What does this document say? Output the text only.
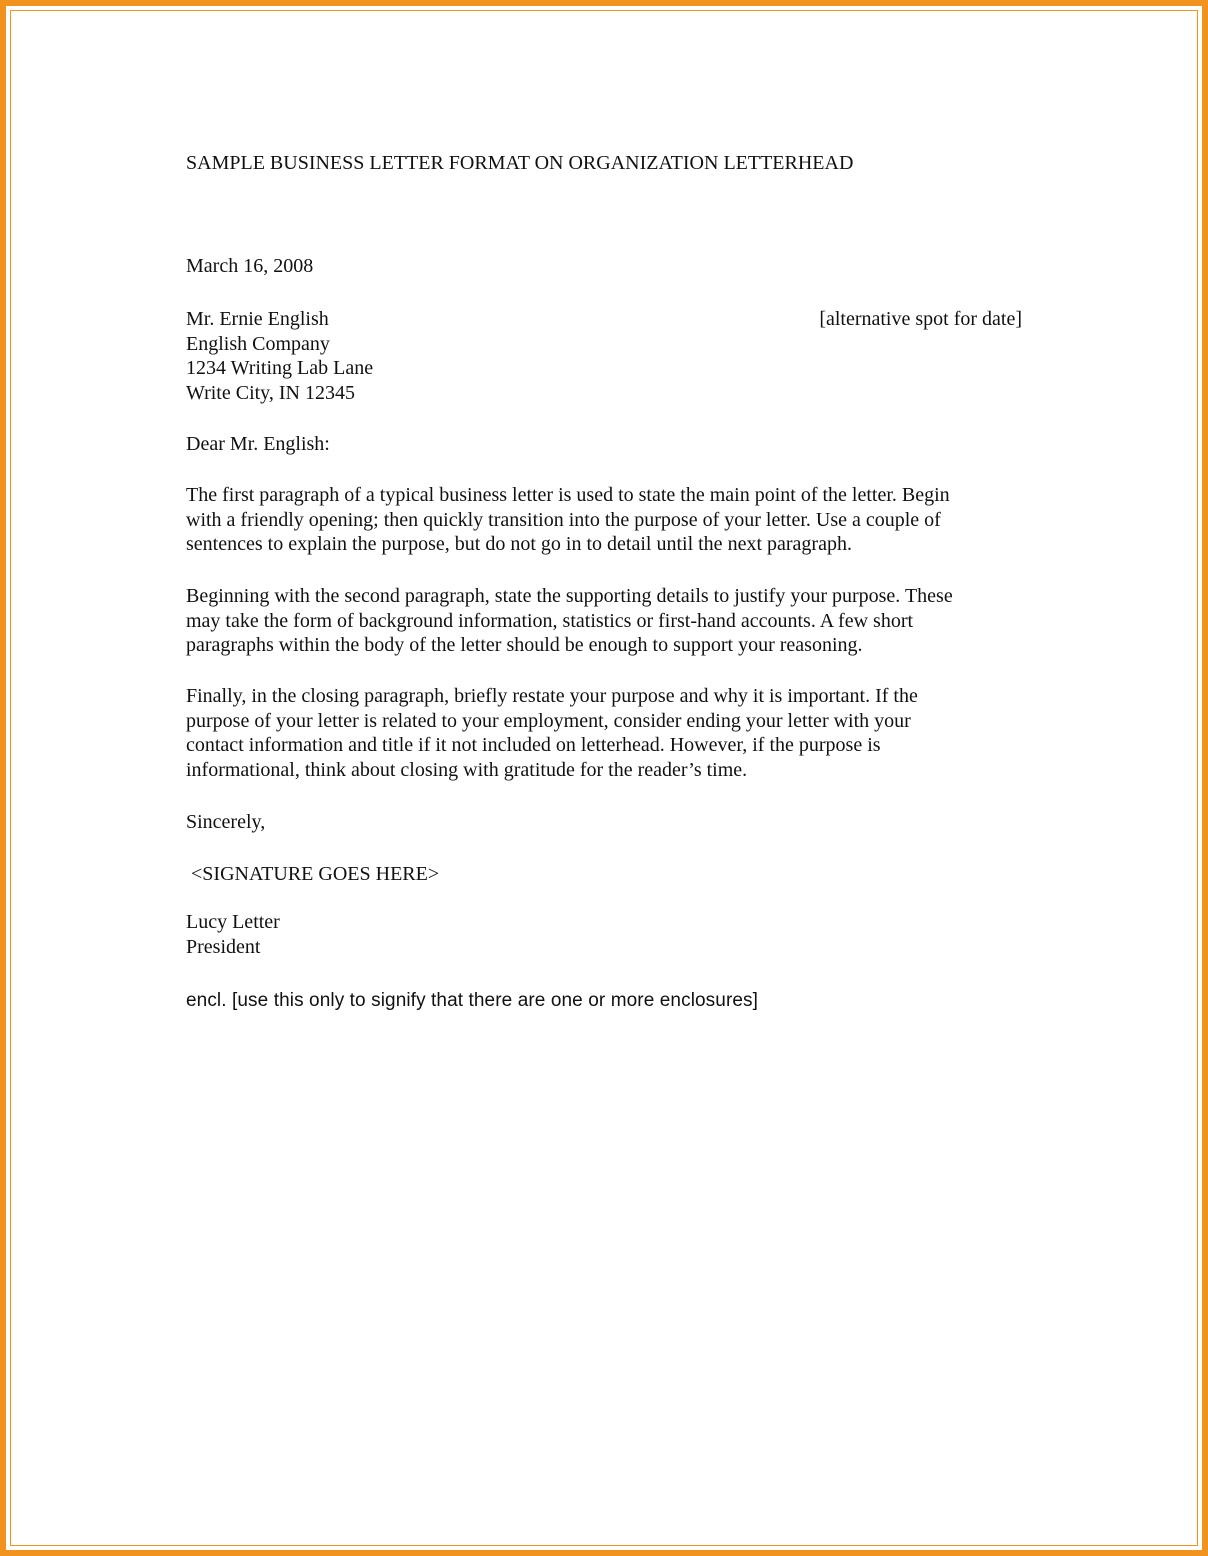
SAMPLE BUSINESS LETTER FORMAT ON ORGANIZATION LETTERHEAD
March 16, 2008
[alternative spot for date]
Mr. Ernie English
English Company
1234 Writing Lab Lane
Write City, IN 12345
Dear Mr. English:
The first paragraph of a typical business letter is used to state the main point of the letter. Begin
with a friendly opening; then quickly transition into the purpose of your letter. Use a couple of
sentences to explain the purpose, but do not go in to detail until the next paragraph.
Beginning with the second paragraph, state the supporting details to justify your purpose. These
may take the form of background information, statistics or first-hand accounts. A few short
paragraphs within the body of the letter should be enough to support your reasoning.
Finally, in the closing paragraph, briefly restate your purpose and why it is important. If the
purpose of your letter is related to your employment, consider ending your letter with your
contact information and title if it not included on letterhead. However, if the purpose is
informational, think about closing with gratitude for the reader’s time.
Sincerely,
<SIGNATURE GOES HERE>
Lucy Letter
President
encl. [use this only to signify that there are one or more enclosures]
